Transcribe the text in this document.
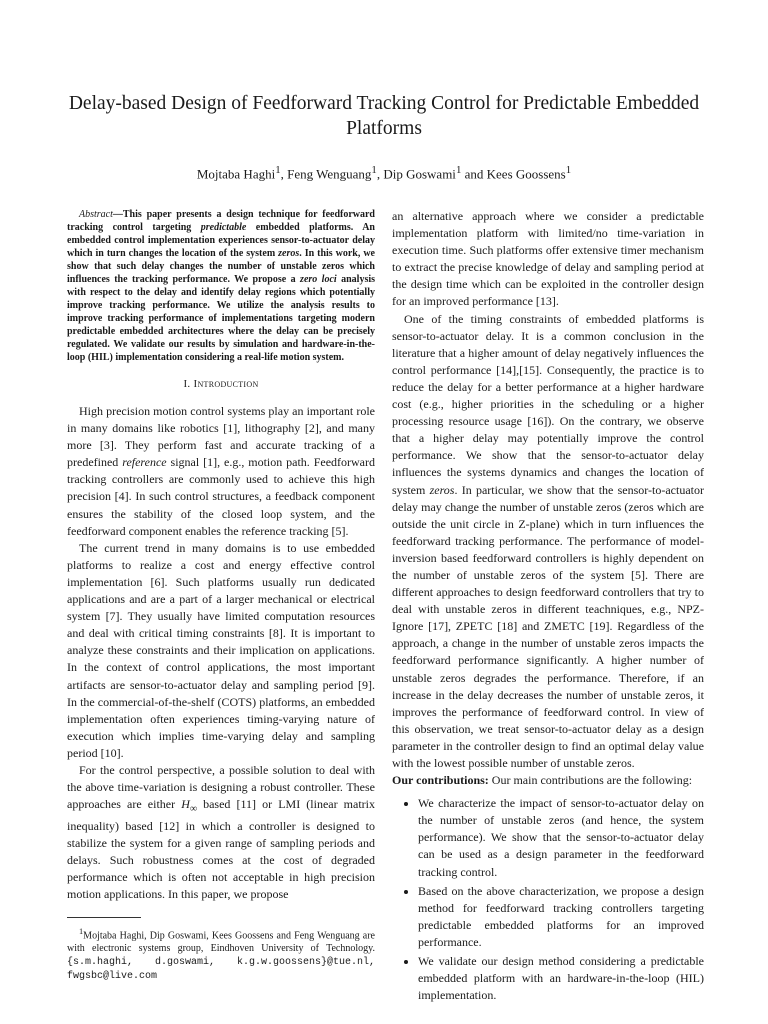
Delay-based Design of Feedforward Tracking Control for Predictable Embedded Platforms
Mojtaba Haghi$^1$, Feng Wenguang$^1$, Dip Goswami$^1$ and Kees Goossens$^1$

Abstract—This paper presents a design technique for feedforward tracking control targeting predictable embedded platforms. An embedded control implementation experiences sensor-to-actuator delay which in turn changes the location of the system zeros. In this work, we show that such delay changes the number of unstable zeros which influences the tracking performance. We propose a zero loci analysis with respect to the delay and identify delay regions which potentially improve tracking performance. We utilize the analysis results to improve tracking performance of implementations targeting modern predictable embedded architectures where the delay can be precisely regulated. We validate our results by simulation and hardware-in-the-loop (HIL) implementation considering a real-life motion system.

I. Introduction

High precision motion control systems play an important role in many domains like robotics [1], lithography [2], and many more [3]. They perform fast and accurate tracking of a predefined reference signal [1], e.g., motion path. Feedforward tracking controllers are commonly used to achieve this high precision [4]. In such control structures, a feedback component ensures the stability of the closed loop system, and the feedforward component enables the reference tracking [5].

The current trend in many domains is to use embedded platforms to realize a cost and energy effective control implementation [6]. Such platforms usually run dedicated applications and are a part of a larger mechanical or electrical system [7]. They usually have limited computation resources and deal with critical timing constraints [8]. It is important to analyze these constraints and their implication on applications. In the context of control applications, the most important artifacts are sensor-to-actuator delay and sampling period [9]. In the commercial-of-the-shelf (COTS) platforms, an embedded implementation often experiences timing-varying nature of execution which implies time-varying delay and sampling period [10].

For the control perspective, a possible solution to deal with the above time-variation is designing a robust controller. These approaches are either $H_\infty$ based [11] or LMI (linear matrix inequality) based [12] in which a controller is designed to stabilize the system for a given range of sampling periods and delays. Such robustness comes at the cost of degraded performance which is often not acceptable in high precision motion applications. In this paper, we propose

$^1$Mojtaba Haghi, Dip Goswami, Kees Goossens and Feng Wenguang are with electronic systems group, Eindhoven University of Technology. {s.m.haghi, d.goswami, k.g.w.goossens}@tue.nl, fwgsbc@live.com

an alternative approach where we consider a predictable implementation platform with limited/no time-variation in execution time. Such platforms offer extensive timer mechanism to extract the precise knowledge of delay and sampling period at the design time which can be exploited in the controller design for an improved performance [13].

One of the timing constraints of embedded platforms is sensor-to-actuator delay. It is a common conclusion in the literature that a higher amount of delay negatively influences the control performance [14],[15]. Consequently, the practice is to reduce the delay for a better performance at a higher hardware cost (e.g., higher priorities in the scheduling or a higher processing resource usage [16]). On the contrary, we observe that a higher delay may potentially improve the control performance. We show that the sensor-to-actuator delay influences the systems dynamics and changes the location of system zeros. In particular, we show that the sensor-to-actuator delay may change the number of unstable zeros (zeros which are outside the unit circle in Z-plane) which in turn influences the feedforward tracking performance. The performance of model-inversion based feedforward controllers is highly dependent on the number of unstable zeros of the system [5]. There are different approaches to design feedforward controllers that try to deal with unstable zeros in different teachniques, e.g., NPZ-Ignore [17], ZPETC [18] and ZMETC [19]. Regardless of the approach, a change in the number of unstable zeros impacts the feedforward performance significantly. A higher number of unstable zeros degrades the performance. Therefore, if an increase in the delay decreases the number of unstable zeros, it improves the performance of feedforward control. In view of this observation, we treat sensor-to-actuator delay as a design parameter in the controller design to find an optimal delay value with the lowest possible number of unstable zeros.

Our contributions: Our main contributions are the following:

• We characterize the impact of sensor-to-actuator delay on the number of unstable zeros (and hence, the system performance). We show that the sensor-to-actuator delay can be used as a design parameter in the feedforward tracking control.
• Based on the above characterization, we propose a design method for feedforward tracking controllers targeting predictable embedded platforms for an improved performance.
• We validate our design method considering a predictable embedded platform with an hardware-in-the-loop (HIL) implementation.
